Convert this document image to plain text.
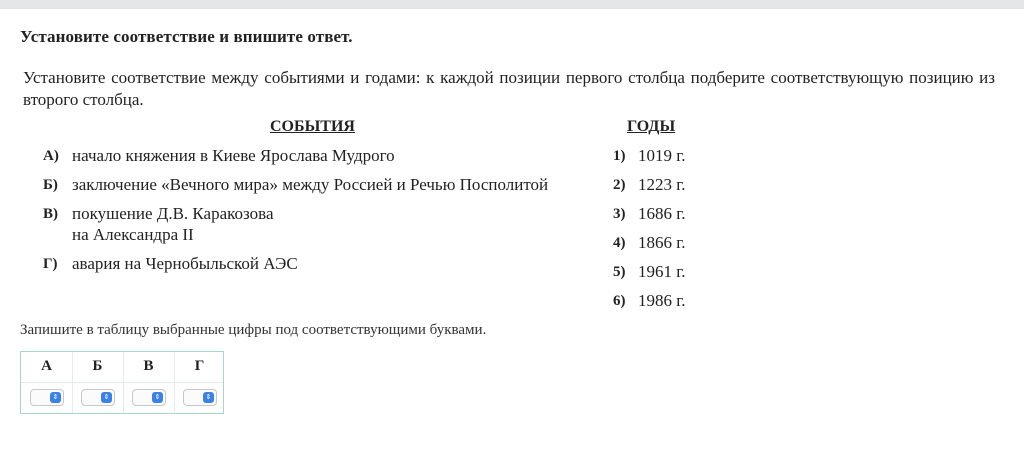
Установите соответствие и впишите ответ.
Установите соответствие между событиями и годами: к каждой позиции первого столбца подберите соответствующую позицию из второго столбца.
СОБЫТИЯ	ГОДЫ
А) начало княжения в Киеве Ярослава Мудрого
Б) заключение «Вечного мира» между Россией и Речью Посполитой
В) покушение Д.В. Каракозова
на Александра II
Г) авария на Чернобыльской АЭС
1) 1019 г.
2) 1223 г.
3) 1686 г.
4) 1866 г.
5) 1961 г.
6) 1986 г.
Запишите в таблицу выбранные цифры под соответствующими буквами.
А
⇕
Б
⇕
В
⇕
Г
⇕
